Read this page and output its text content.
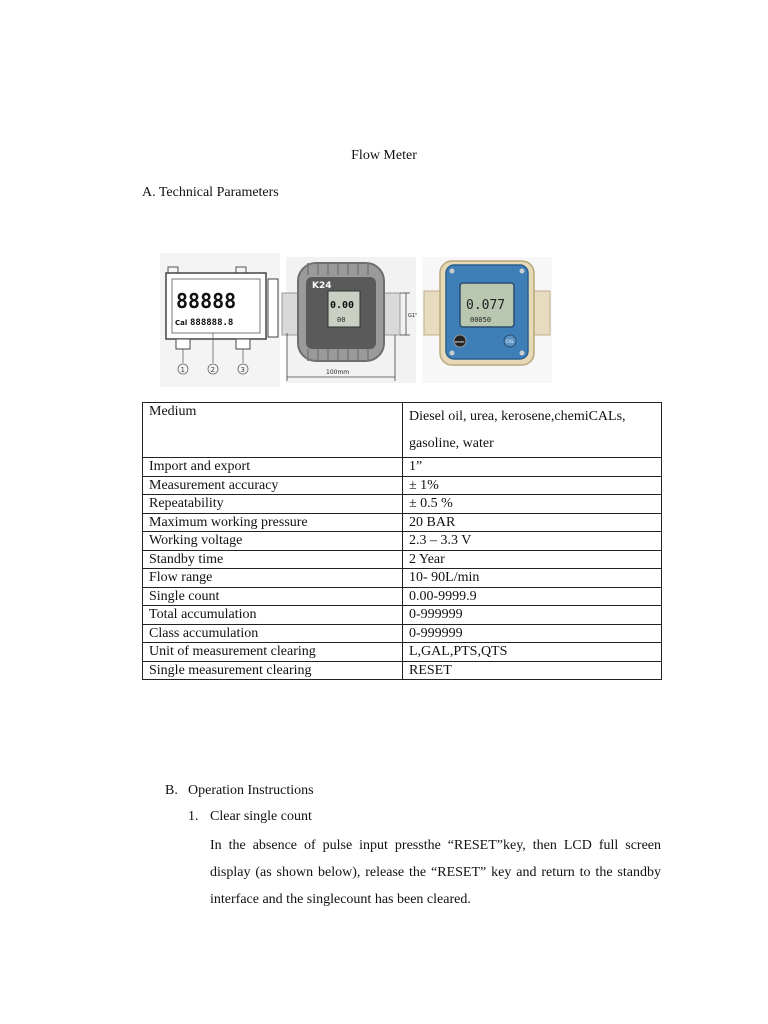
Flow Meter
A. Technical Parameters
88888
Cal 888888.8
1	2	3
K24
0.00
00
100mm
G1"
0.077
00050
RESET	CAL
Medium	Diesel oil, urea, kerosene,chemiCALs, gasoline, water
Import and export	1”
Measurement accuracy	± 1%
Repeatability	± 0.5 %
Maximum working pressure	20 BAR
Working voltage	2.3 – 3.3 V
Standby time	2 Year
Flow range	10- 90L/min
Single count	0.00-9999.9
Total accumulation	0-999999
Class accumulation	0-999999
Unit of measurement clearing	L,GAL,PTS,QTS
Single measurement clearing	RESET
B. Operation Instructions
1. Clear single count
In the absence of pulse input pressthe “RESET”key, then LCD full screen display (as shown below), release the “RESET” key and return to the standby interface and the singlecount has been cleared.
